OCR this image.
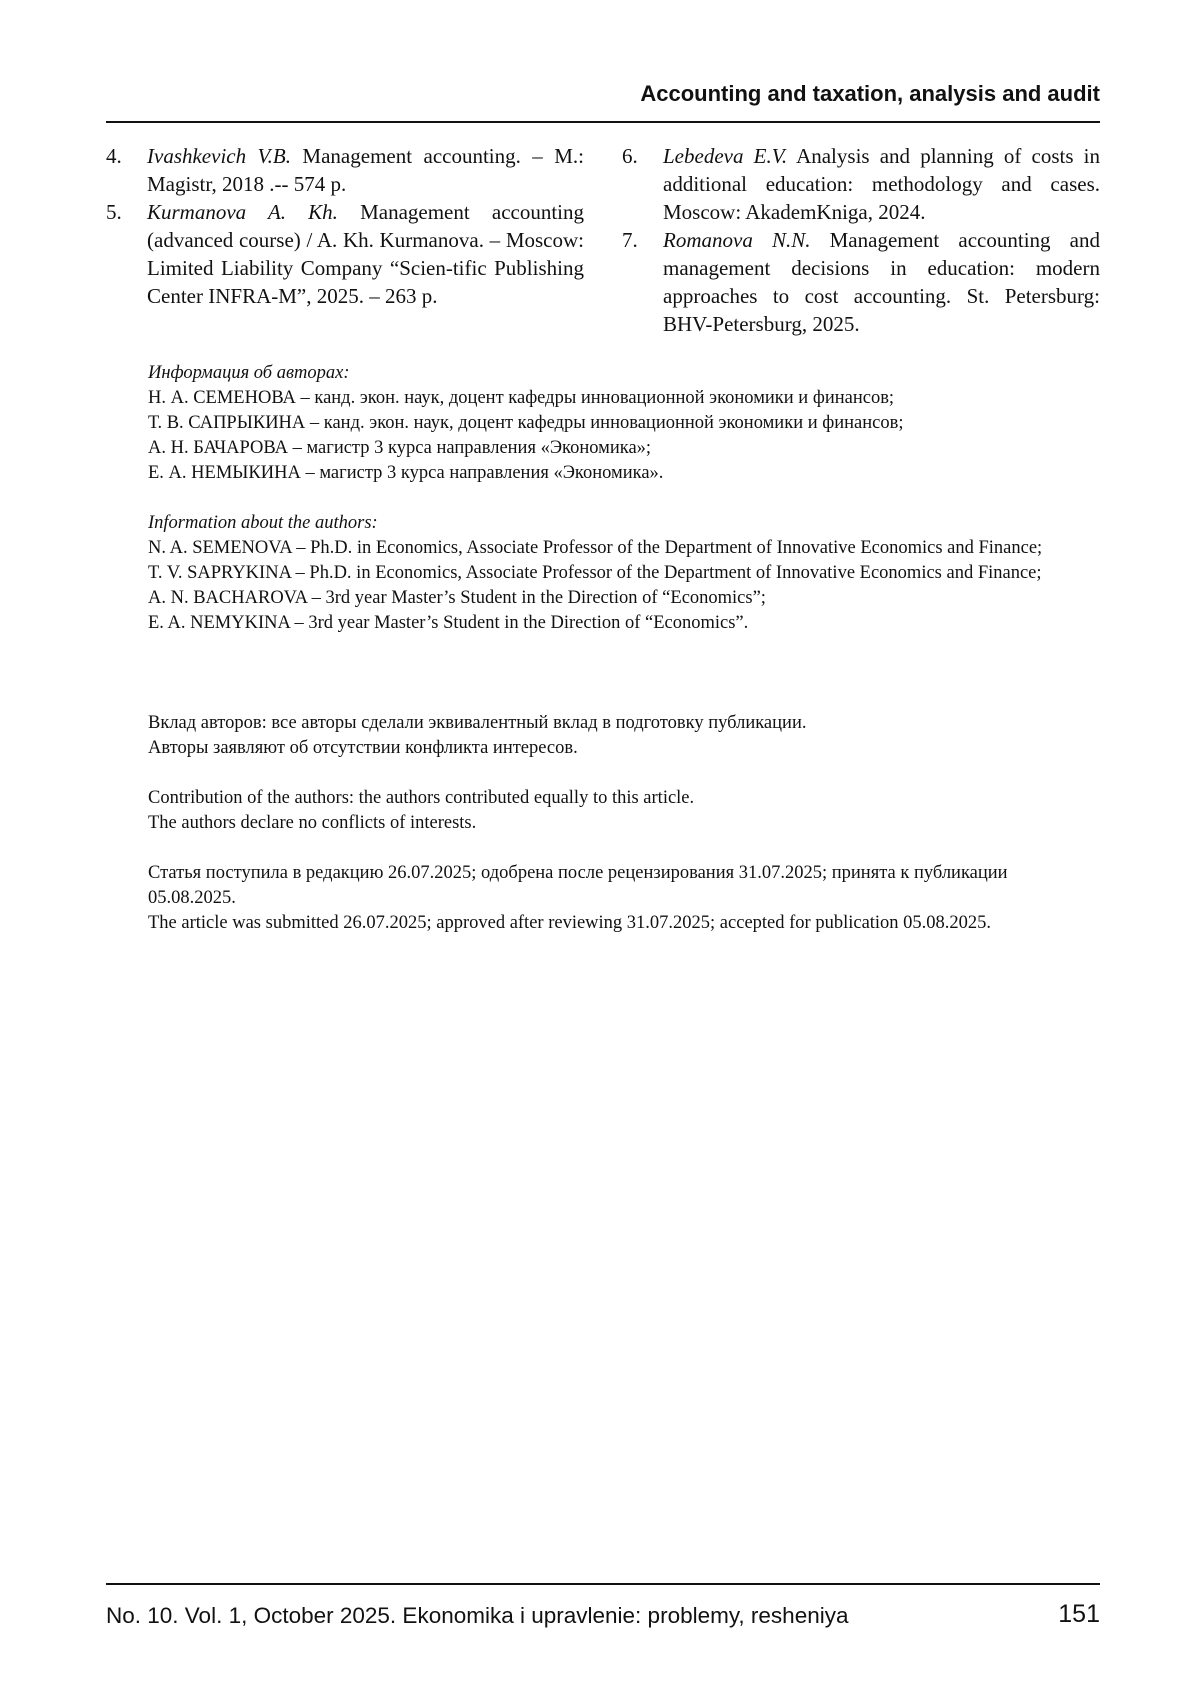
Accounting and taxation, analysis and audit
4. Ivashkevich V.B. Management accounting. – M.: Magistr, 2018 .-- 574 p.
5. Kurmanova A. Kh. Management accounting (advanced course) / A. Kh. Kurmanova. – Moscow: Limited Liability Company “Scien-tific Publishing Center INFRA-M”, 2025. – 263 p.
6. Lebedeva E.V. Analysis and planning of costs in additional education: methodology and cases. Moscow: AkademKniga, 2024.
7. Romanova N.N. Management accounting and management decisions in education: modern approaches to cost accounting. St. Petersburg: BHV-Petersburg, 2025.

Информация об авторах:

Н. А. СЕМЕНОВА – канд. экон. наук, доцент кафедры инновационной экономики и финансов;

Т. В. САПРЫКИНА – канд. экон. наук, доцент кафедры инновационной экономики и финансов;

А. Н. БАЧАРОВА – магистр 3 курса направления «Экономика»;

Е. А. НЕМЫКИНА – магистр 3 курса направления «Экономика».

Information about the authors:

N. A. SEMENOVA – Ph.D. in Economics, Associate Professor of the Department of Innovative Economics and Finance;

T. V. SAPRYKINA – Ph.D. in Economics, Associate Professor of the Department of Innovative Economics and Finance;

A. N. BACHAROVA – 3rd year Master’s Student in the Direction of “Economics”;

E. A. NEMYKINA – 3rd year Master’s Student in the Direction of “Economics”.

Вклад авторов: все авторы сделали эквивалентный вклад в подготовку публикации.

Авторы заявляют об отсутствии конфликта интересов.

Contribution of the authors: the authors contributed equally to this article.

The authors declare no conflicts of interests.

Статья поступила в редакцию 26.07.2025; одобрена после рецензирования 31.07.2025; принята к публикации 05.08.2025.

The article was submitted 26.07.2025; approved after reviewing 31.07.2025; accepted for publication 05.08.2025.

No. 10. Vol. 1, October 2025. Ekonomika i upravlenie: problemy, resheniya	151
